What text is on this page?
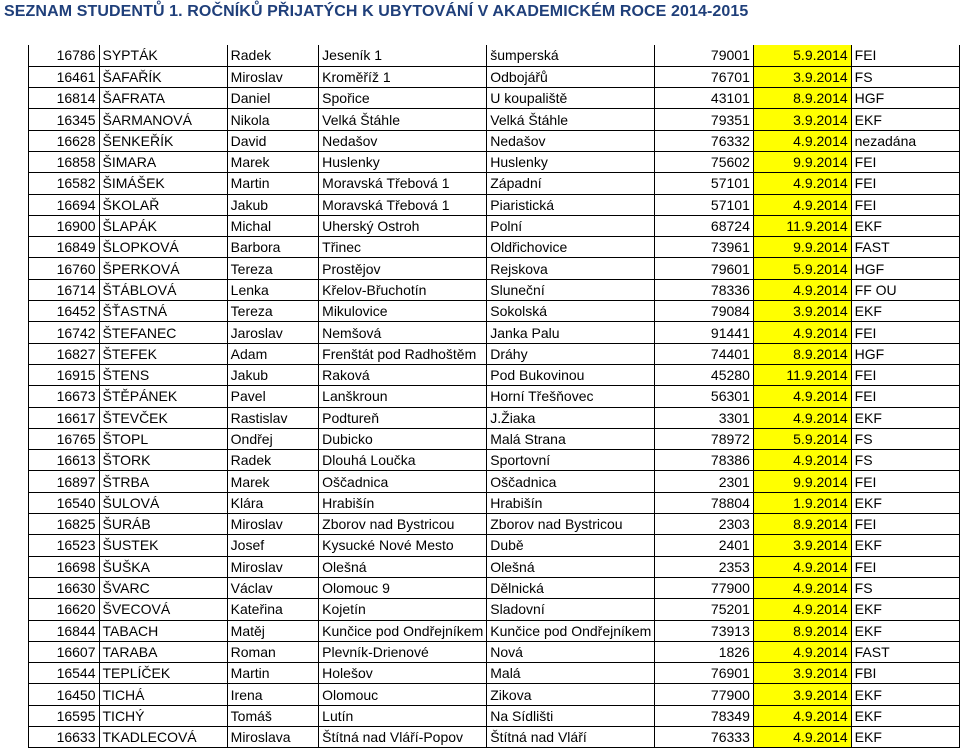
SEZNAM STUDENTŮ 1. ROČNÍKŮ PŘIJATÝCH K UBYTOVÁNÍ V AKADEMICKÉM ROCE 2014-2015
16786	SYPTÁK	Radek	Jeseník 1	šumperská	79001	5.9.2014	FEI
16461	ŠAFAŘÍK	Miroslav	Kroměříž 1	Odbojářů	76701	3.9.2014	FS
16814	ŠAFRATA	Daniel	Spořice	U koupaliště	43101	8.9.2014	HGF
16345	ŠARMANOVÁ	Nikola	Velká Štáhle	Velká Štáhle	79351	3.9.2014	EKF
16628	ŠENKEŘÍK	David	Nedašov	Nedašov	76332	4.9.2014	nezadána
16858	ŠIMARA	Marek	Huslenky	Huslenky	75602	9.9.2014	FEI
16582	ŠIMÁŠEK	Martin	Moravská Třebová 1	Západní	57101	4.9.2014	FEI
16694	ŠKOLAŘ	Jakub	Moravská Třebová 1	Piaristická	57101	4.9.2014	FEI
16900	ŠLAPÁK	Michal	Uherský Ostroh	Polní	68724	11.9.2014	EKF
16849	ŠLOPKOVÁ	Barbora	Třinec	Oldřichovice	73961	9.9.2014	FAST
16760	ŠPERKOVÁ	Tereza	Prostějov	Rejskova	79601	5.9.2014	HGF
16714	ŠTÁBLOVÁ	Lenka	Křelov-Břuchotín	Sluneční	78336	4.9.2014	FF OU
16452	ŠŤASTNÁ	Tereza	Mikulovice	Sokolská	79084	3.9.2014	EKF
16742	ŠTEFANEC	Jaroslav	Nemšová	Janka Palu	91441	4.9.2014	FEI
16827	ŠTEFEK	Adam	Frenštát pod Radhoštěm	Dráhy	74401	8.9.2014	HGF
16915	ŠTENS	Jakub	Raková	Pod Bukovinou	45280	11.9.2014	FEI
16673	ŠTĚPÁNEK	Pavel	Lanškroun	Horní Třešňovec	56301	4.9.2014	FEI
16617	ŠTEVČEK	Rastislav	Podtureň	J.Žiaka	3301	4.9.2014	EKF
16765	ŠTOPL	Ondřej	Dubicko	Malá Strana	78972	5.9.2014	FS
16613	ŠTORK	Radek	Dlouhá Loučka	Sportovní	78386	4.9.2014	FS
16897	ŠTRBA	Marek	Oščadnica	Oščadnica	2301	9.9.2014	FEI
16540	ŠULOVÁ	Klára	Hrabišín	Hrabišín	78804	1.9.2014	EKF
16825	ŠURÁB	Miroslav	Zborov nad Bystricou	Zborov nad Bystricou	2303	8.9.2014	FEI
16523	ŠUSTEK	Josef	Kysucké Nové Mesto	Dubě	2401	3.9.2014	EKF
16698	ŠUŠKA	Miroslav	Olešná	Olešná	2353	4.9.2014	FEI
16630	ŠVARC	Václav	Olomouc 9	Dělnická	77900	4.9.2014	FS
16620	ŠVECOVÁ	Kateřina	Kojetín	Sladovní	75201	4.9.2014	EKF
16844	TABACH	Matěj	Kunčice pod Ondřejníkem	Kunčice pod Ondřejníkem	73913	8.9.2014	EKF
16607	TARABA	Roman	Plevník-Drienové	Nová	1826	4.9.2014	FAST
16544	TEPLÍČEK	Martin	Holešov	Malá	76901	3.9.2014	FBI
16450	TICHÁ	Irena	Olomouc	Zikova	77900	3.9.2014	EKF
16595	TICHÝ	Tomáš	Lutín	Na Sídlišti	78349	4.9.2014	EKF
16633	TKADLECOVÁ	Miroslava	Štítná nad Vláří-Popov	Štítná nad Vláří	76333	4.9.2014	EKF
